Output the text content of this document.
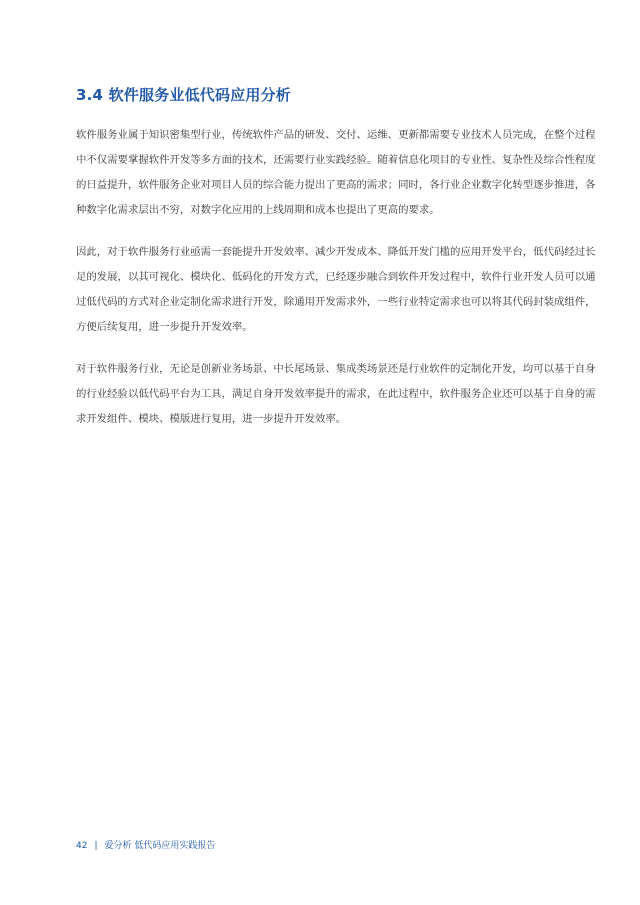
3.4 软件服务业低代码应用分析

软件服务业属于知识密集型行业，传统软件产品的研发、交付、运维、更新都需要专业技术人员完成，在整个过程
中不仅需要掌握软件开发等多方面的技术，还需要行业实践经验。随着信息化项目的专业性、复杂性及综合性程度
的日益提升，软件服务企业对项目人员的综合能力提出了更高的需求；同时，各行业企业数字化转型逐步推进，各
种数字化需求层出不穷，对数字化应用的上线周期和成本也提出了更高的要求。

因此，对于软件服务行业亟需一套能提升开发效率、减少开发成本、降低开发门槛的应用开发平台，低代码经过长
足的发展，以其可视化、模块化、低码化的开发方式，已经逐步融合到软件开发过程中，软件行业开发人员可以通
过低代码的方式对企业定制化需求进行开发，除通用开发需求外，一些行业特定需求也可以将其代码封装成组件，
方便后续复用，进一步提升开发效率。

对于软件服务行业，无论是创新业务场景、中长尾场景、集成类场景还是行业软件的定制化开发，均可以基于自身
的行业经验以低代码平台为工具，满足自身开发效率提升的需求，在此过程中，软件服务企业还可以基于自身的需
求开发组件、模块、模版进行复用，进一步提升开发效率。

42 | 爱分析 低代码应用实践报告
